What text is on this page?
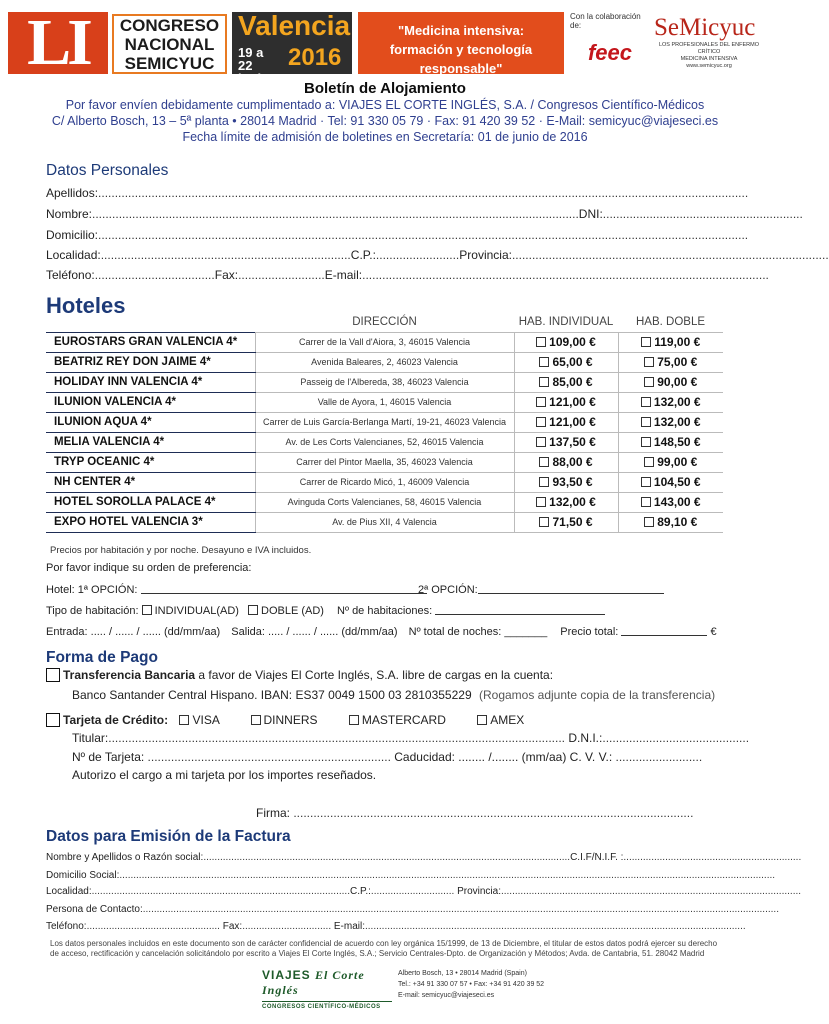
LI	CONGRESO
NACIONAL
SEMICYUC
Valencia
19 a 22 junio
2016
"Medicina intensiva:
formación y tecnología responsable"
Con la colaboración de:
feec
SeMicyuc
LOS PROFESIONALES DEL ENFERMO CRÍTICO
MEDICINA INTENSIVA
www.semicyuc.org
Boletín de Alojamiento
Por favor envíen debidamente cumplimentado a: VIAJES EL CORTE INGLÉS, S.A. / Congresos Científico-Médicos
C/ Alberto Bosch, 13 – 5ª planta • 28014 Madrid · Tel: 91 330 05 79 · Fax: 91 420 39 52 · E-Mail: semicyuc@viajeseci.es
Fecha límite de admisión de boletines en Secretaría: 01 de junio de 2016
Datos Personales
Apellidos:...................................................................................................................................................................................................
Nombre:..................................................................................................................................................DNI:............................................................
Domicilio:...................................................................................................................................................................................................
Localidad:...........................................................................C.P.:.........................Provincia:...............................................................................................
Teléfono:....................................Fax:..........................E-mail:..........................................................................................................................
Hoteles
	DIRECCIÓN	HAB. INDIVIDUAL	HAB. DOBLE
EUROSTARS GRAN VALENCIA 4*	Carrer de la Vall d'Aiora, 3, 46015 Valencia	109,00 €	119,00 €
BEATRIZ REY DON JAIME 4*	Avenida Baleares, 2, 46023 Valencia	65,00 €	75,00 €
HOLIDAY INN VALENCIA 4*	Passeig de l'Albereda, 38, 46023 Valencia	85,00 €	90,00 €
ILUNION VALENCIA 4*	Valle de Ayora, 1, 46015 Valencia	121,00 €	132,00 €
ILUNION AQUA 4*	Carrer de Luis García-Berlanga Martí, 19-21, 46023 Valencia	121,00 €	132,00 €
MELIA VALENCIA 4*	Av. de Les Corts Valencianes, 52, 46015 Valencia	137,50 €	148,50 €
TRYP OCEANIC 4*	Carrer del Pintor Maella, 35, 46023 Valencia	88,00 €	99,00 €
NH CENTER 4*	Carrer de Ricardo Micó, 1, 46009 Valencia	93,50 €	104,50 €
HOTEL SOROLLA PALACE 4*	Avinguda Corts Valencianes, 58, 46015 Valencia	132,00 €	143,00 €
EXPO HOTEL VALENCIA 3*	Av. de Pius XII, 4 Valencia	71,50 €	89,10 €
Precios por habitación y por noche. Desayuno e IVA incluidos.
Por favor indique su orden de preferencia:
Hotel: 1ª OPCIÓN:	2ª OPCIÓN:
Tipo de habitación: INDIVIDUAL(AD) DOBLE (AD) Nº de habitaciones:
Entrada: ..... / ...... / ...... (dd/mm/aa) Salida: ..... / ...... / ...... (dd/mm/aa) Nº total de noches: _______ Precio total:	€
Forma de Pago
Transferencia Bancaria a favor de Viajes El Corte Inglés, S.A. libre de cargas en la cuenta:
Banco Santander Central Hispano. IBAN: ES37 0049 1500 03 2810355229 (Rogamos adjunte copia de la transferencia)
Tarjeta de Crédito: VISA	DINNERS	MASTERCARD	AMEX
Titular:......................................................................................................................................... D.N.I.:............................................
Nº de Tarjeta: ......................................................................... Caducidad: ........ /........ (mm/aa) C. V. V.: ..........................
Autorizo el cargo a mi tarjeta por los importes reseñados.
Firma: ........................................................................................................................
Datos para Emisión de la Factura
Nombre y Apellidos o Razón social:....................................................................................................................................C.I.F/N.I.F. :................................................................
Domicilio Social:............................................................................................................................................................................................................................................
Localidad:.............................................................................................C.P.:.............................. Provincia:............................................................................................................
Persona de Contacto:.....................................................................................................................................................................................................................................
Teléfono:................................................ Fax:................................ E-mail:.........................................................................................................................................
Los datos personales incluidos en este documento son de carácter confidencial de acuerdo con ley orgánica 15/1999, de 13 de Diciembre, el titular de estos datos podrá ejercer su derecho de acceso, rectificación y cancelación solicitándolo por escrito a Viajes El Corte Inglés, S.A.; Servicio Centrales-Dpto. de Organización y Métodos; Avda. de Cantabria, 51. 28042 Madrid
VIAJES El Corte Inglés
CONGRESOS CIENTÍFICO-MÉDICOS
Alberto Bosch, 13 • 28014 Madrid (Spain)
Tel.: +34 91 330 07 57 • Fax: +34 91 420 39 52
E-mail: semicyuc@viajeseci.es
